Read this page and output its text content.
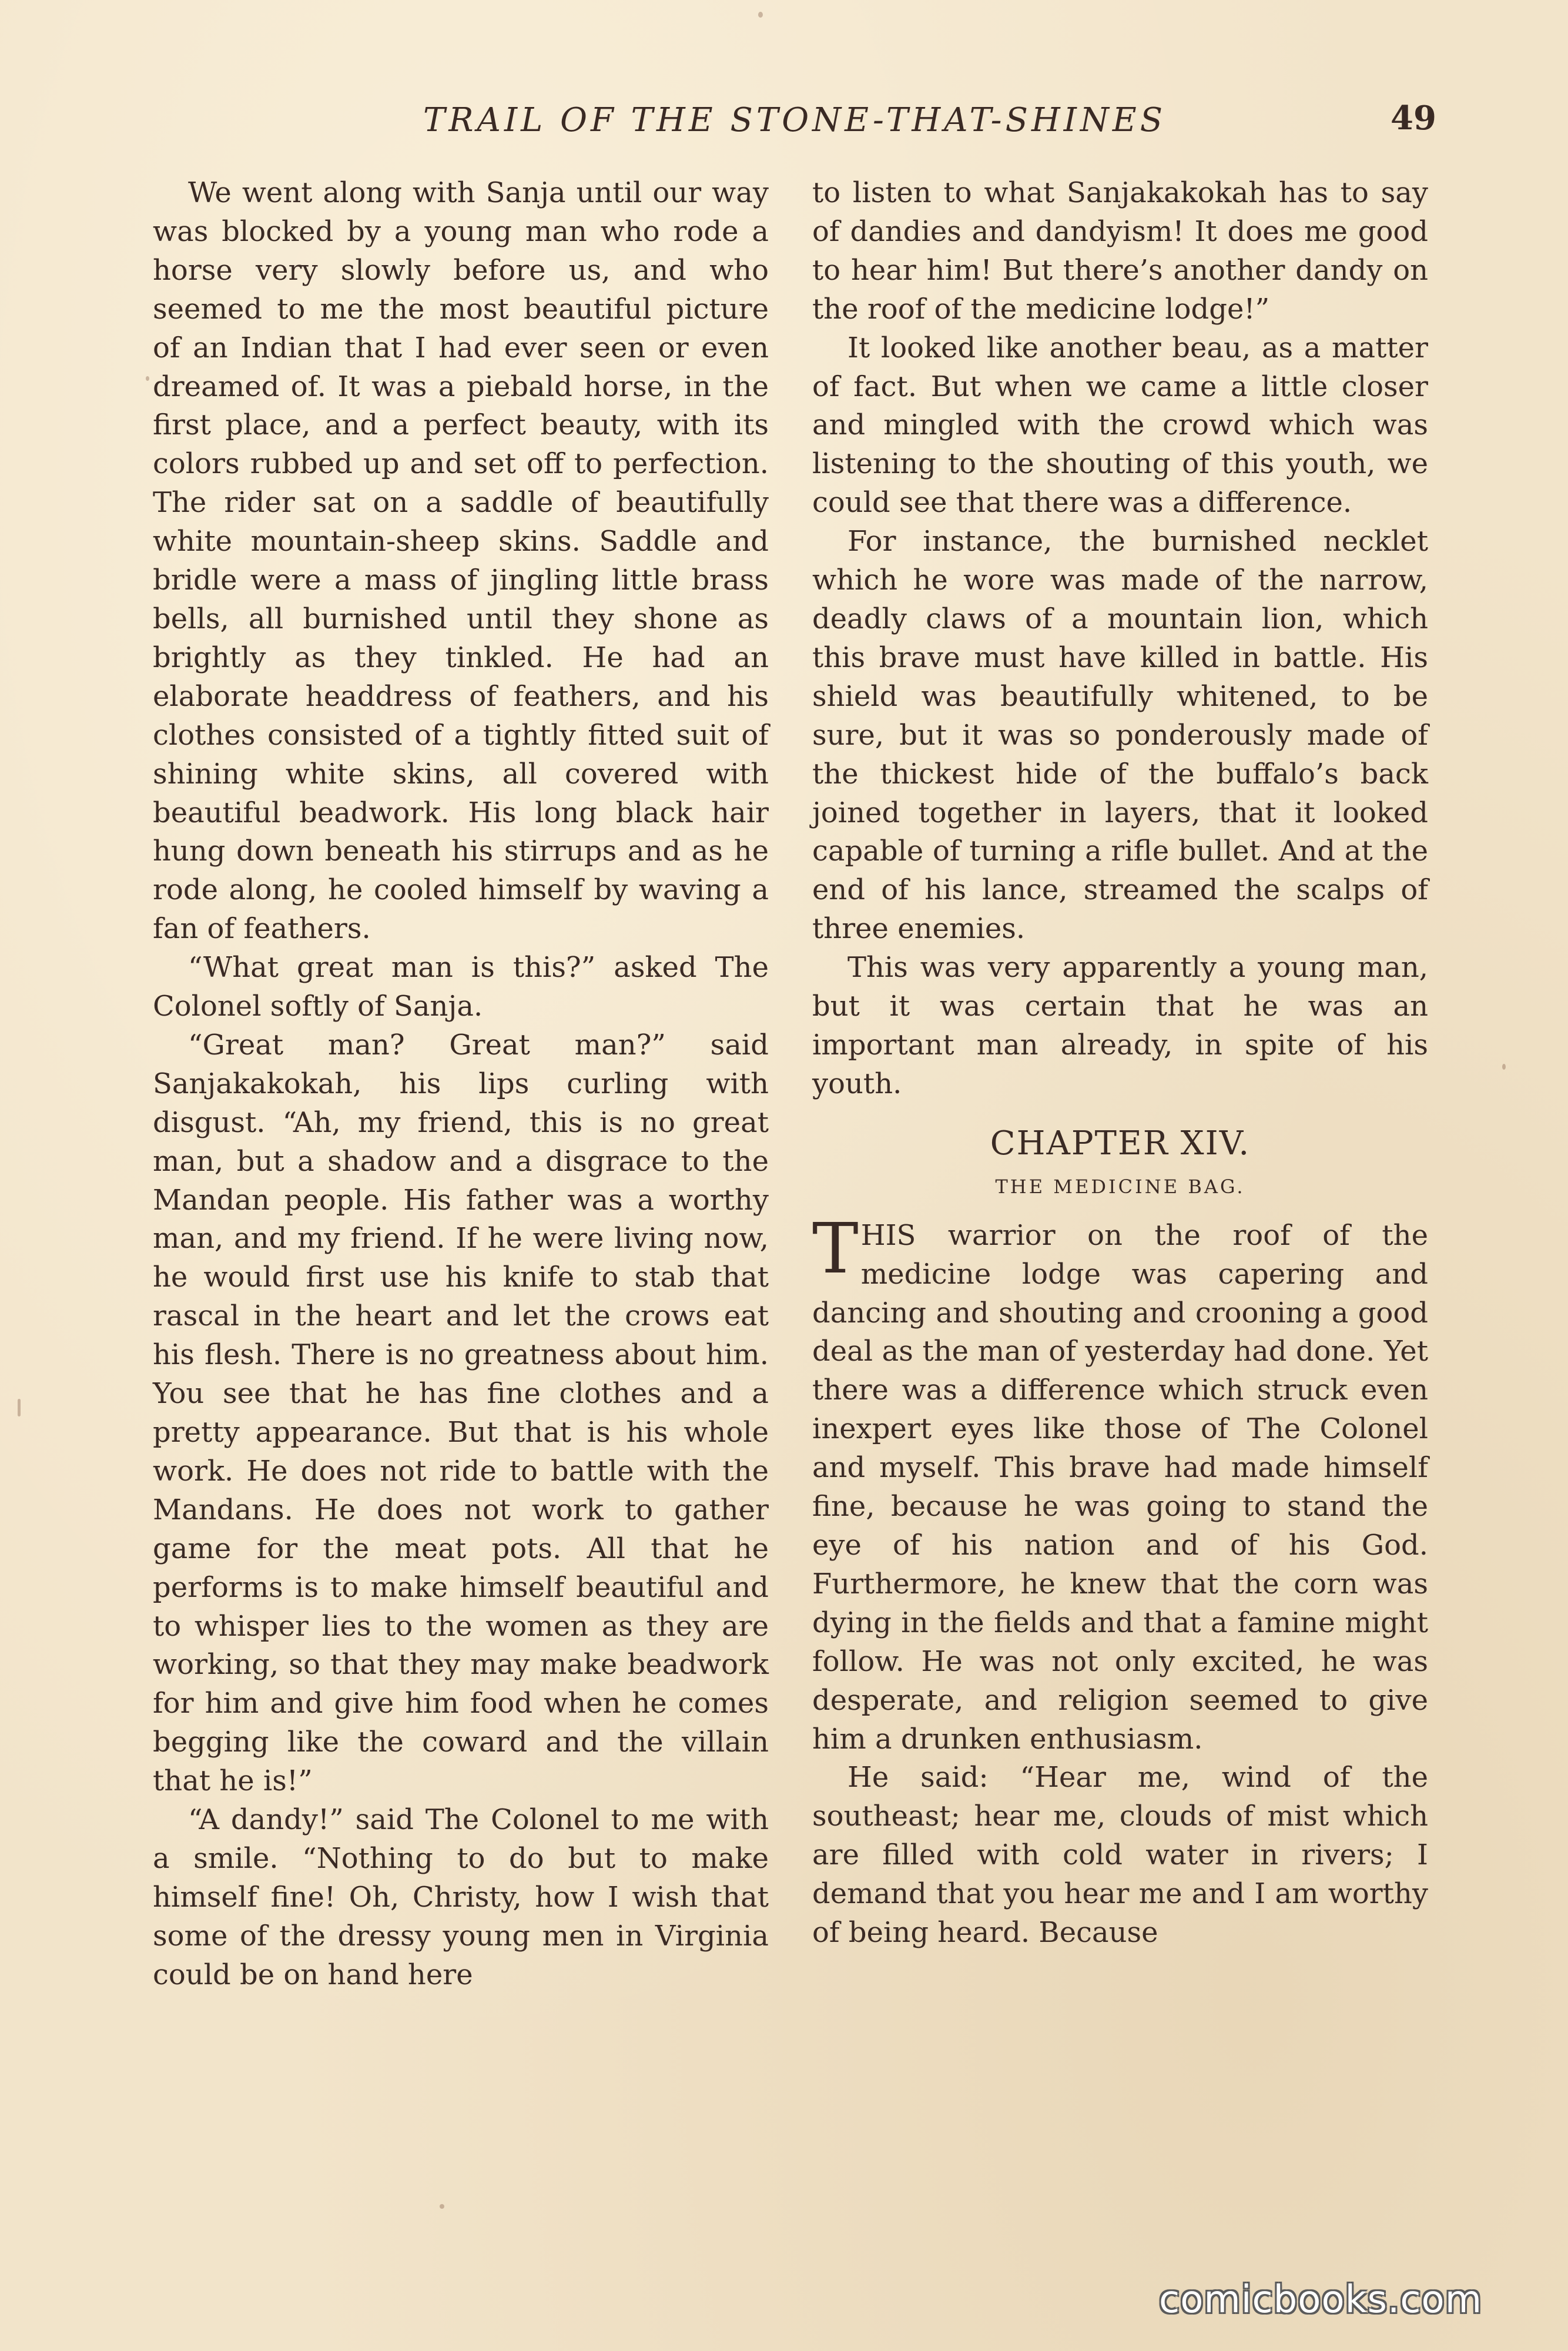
TRAIL OF THE STONE-THAT-SHINES	49

We went along with Sanja until our way was blocked by a young man who rode a horse very slowly before us, and who seemed to me the most beautiful picture of an Indian that I had ever seen or even dreamed of. It was a piebald horse, in the first place, and a perfect beauty, with its colors rubbed up and set off to perfection. The rider sat on a saddle of beautifully white mountain-sheep skins. Saddle and bridle were a mass of jingling little brass bells, all burnished until they shone as brightly as they tinkled. He had an elaborate headdress of feathers, and his clothes consisted of a tightly fitted suit of shining white skins, all covered with beautiful beadwork. His long black hair hung down beneath his stirrups and as he rode along, he cooled himself by waving a fan of feathers.

“What great man is this?” asked The Colonel softly of Sanja.

“Great man? Great man?” said Sanjakakokah, his lips curling with disgust. “Ah, my friend, this is no great man, but a shadow and a disgrace to the Mandan people. His father was a worthy man, and my friend. If he were living now, he would first use his knife to stab that rascal in the heart and let the crows eat his flesh. There is no greatness about him. You see that he has fine clothes and a pretty appearance. But that is his whole work. He does not ride to battle with the Mandans. He does not work to gather game for the meat pots. All that he performs is to make himself beautiful and to whisper lies to the women as they are working, so that they may make beadwork for him and give him food when he comes begging like the coward and the villain that he is!”

“A dandy!” said The Colonel to me with a smile. “Nothing to do but to make himself fine! Oh, Christy, how I wish that some of the dressy young men in Virginia could be on hand here

to listen to what Sanjakakokah has to say of dandies and dandyism! It does me good to hear him! But there’s another dandy on the roof of the medicine lodge!”

It looked like another beau, as a matter of fact. But when we came a little closer and mingled with the crowd which was listening to the shouting of this youth, we could see that there was a difference.

For instance, the burnished necklet which he wore was made of the narrow, deadly claws of a mountain lion, which this brave must have killed in battle. His shield was beautifully whitened, to be sure, but it was so ponderously made of the thickest hide of the buffalo’s back joined together in layers, that it looked capable of turning a rifle bullet. And at the end of his lance, streamed the scalps of three enemies.

This was very apparently a young man, but it was certain that he was an important man already, in spite of his youth.

CHAPTER XIV.
THE MEDICINE BAG.

THIS warrior on the roof of the medicine lodge was capering and dancing and shouting and crooning a good deal as the man of yesterday had done. Yet there was a difference which struck even inexpert eyes like those of The Colonel and myself. This brave had made himself fine, because he was going to stand the eye of his nation and of his God. Furthermore, he knew that the corn was dying in the fields and that a famine might follow. He was not only excited, he was desperate, and religion seemed to give him a drunken enthusiasm.

He said: “Hear me, wind of the southeast; hear me, clouds of mist which are filled with cold water in rivers; I demand that you hear me and I am worthy of being heard. Because

comicbooks.com
